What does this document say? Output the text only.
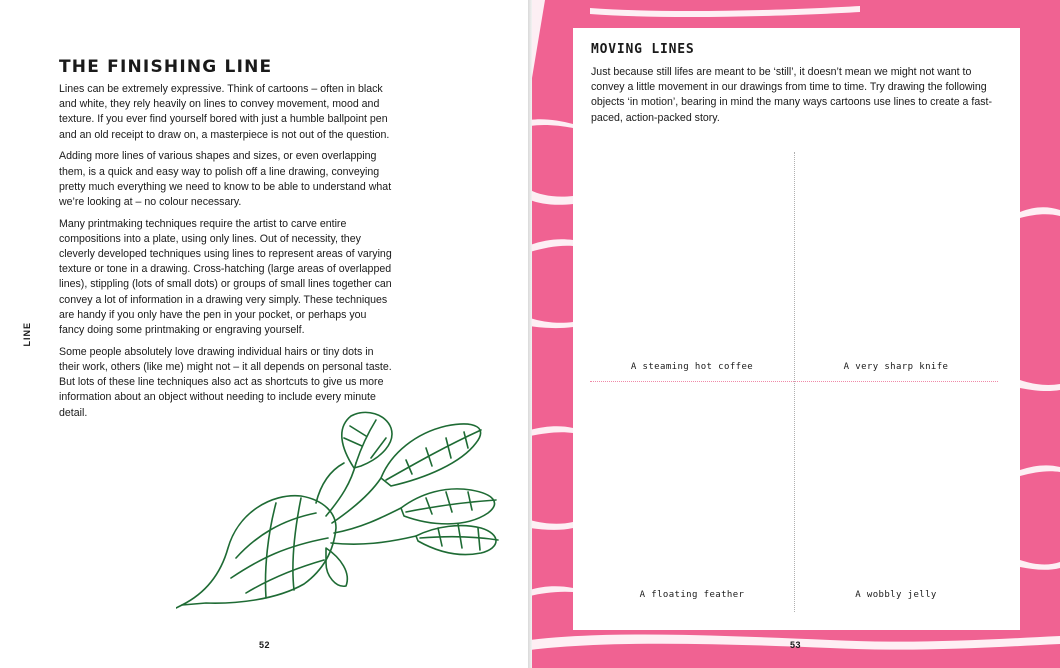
LINE
THE FINISHING LINE

Lines can be extremely expressive. Think of cartoons – often in black and white, they rely heavily on lines to convey movement, mood and texture. If you ever find yourself bored with just a humble ballpoint pen and an old receipt to draw on, a masterpiece is not out of the question.

Adding more lines of various shapes and sizes, or even overlapping them, is a quick and easy way to polish off a line drawing, conveying pretty much everything we need to know to be able to understand what we’re looking at – no colour necessary.

Many printmaking techniques require the artist to carve entire compositions into a plate, using only lines. Out of necessity, they cleverly developed techniques using lines to represent areas of varying texture or tone in a drawing. Cross-hatching (large areas of overlapped lines), stippling (lots of small dots) or groups of small lines together can convey a lot of information in a drawing very simply. These techniques are handy if you only have the pen in your pocket, or perhaps you fancy doing some printmaking or engraving yourself.

Some people absolutely love drawing individual hairs or tiny dots in their work, others (like me) might not – it all depends on personal taste. But lots of these line techniques also act as shortcuts to give us more information about an object without needing to include every minute detail.

52
MOVING LINES

Just because still lifes are meant to be ‘still’, it doesn’t mean we might not want to convey a little movement in our drawings from time to time. Try drawing the following objects ‘in motion’, bearing in mind the many ways cartoons use lines to create a fast-paced, action-packed story.

A steaming hot coffee	A very sharp knife
A floating feather	A wobbly jelly
53
